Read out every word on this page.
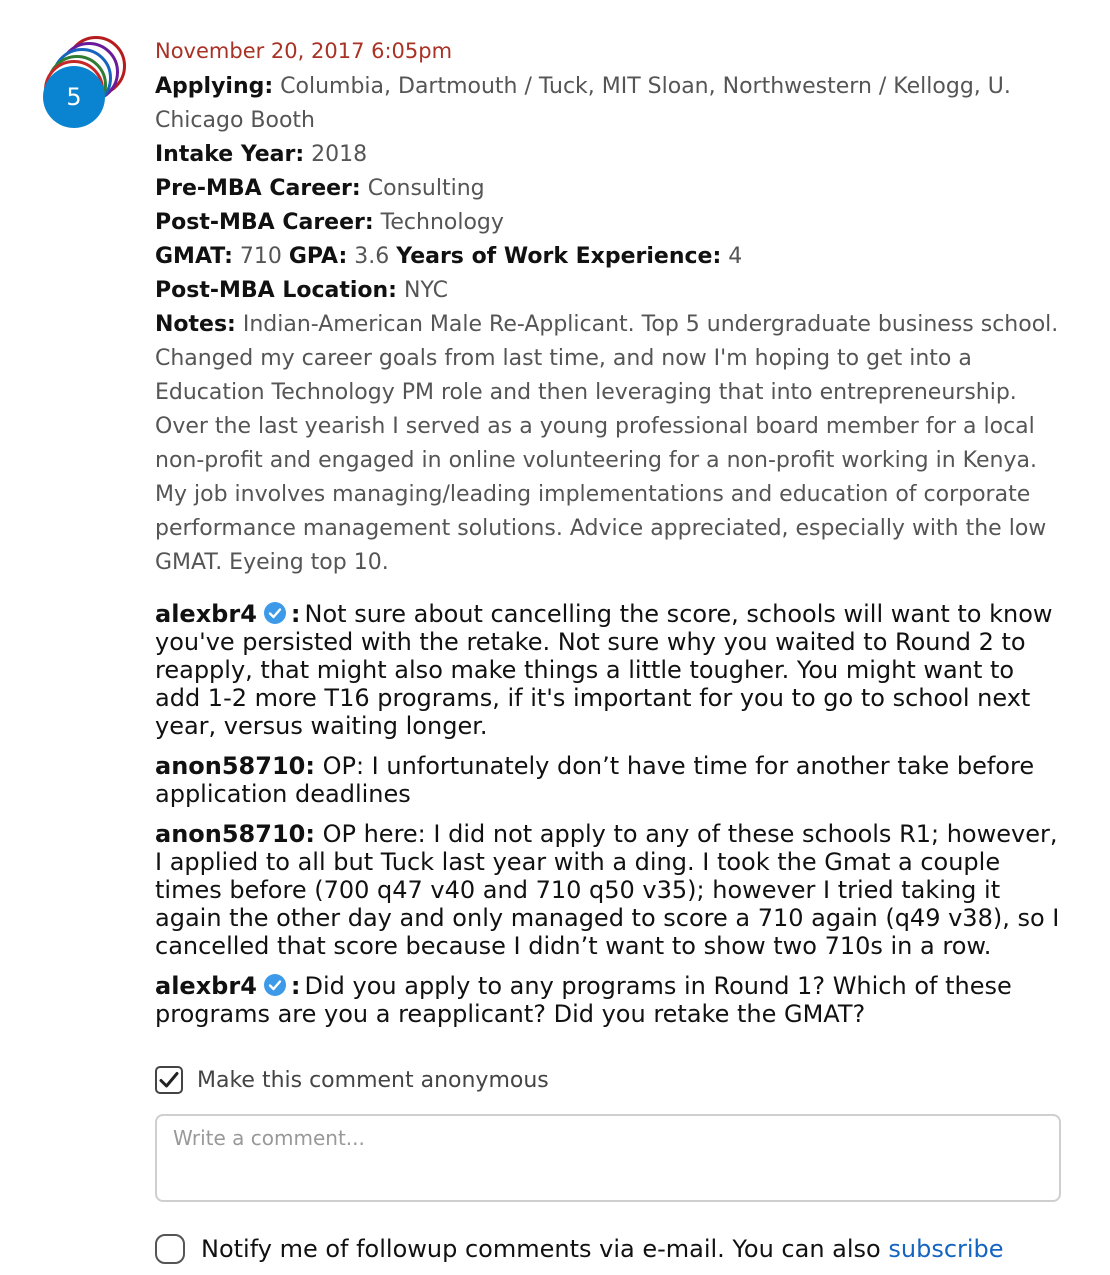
5
November 20, 2017 6:05pm
Applying: Columbia, Dartmouth / Tuck, MIT Sloan, Northwestern / Kellogg, U. Chicago Booth
Intake Year: 2018
Pre-MBA Career: Consulting
Post-MBA Career: Technology
GMAT: 710 GPA: 3.6 Years of Work Experience: 4
Post-MBA Location: NYC
Notes: Indian-American Male Re-Applicant. Top 5 undergraduate business school. Changed my career goals from last time, and now I'm hoping to get into a Education Technology PM role and then leveraging that into entrepreneurship. Over the last yearish I served as a young professional board member for a local non-profit and engaged in online volunteering for a non-profit working in Kenya. My job involves managing/leading implementations and education of corporate performance management solutions. Advice appreciated, especially with the low GMAT. Eyeing top 10.
alexbr4 : Not sure about cancelling the score, schools will want to know you've persisted with the retake. Not sure why you waited to Round 2 to reapply, that might also make things a little tougher. You might want to add 1-2 more T16 programs, if it's important for you to go to school next year, versus waiting longer.
anon58710: OP: I unfortunately don’t have time for another take before application deadlines
anon58710: OP here: I did not apply to any of these schools R1; however, I applied to all but Tuck last year with a ding. I took the Gmat a couple times before (700 q47 v40 and 710 q50 v35); however I tried taking it again the other day and only managed to score a 710 again (q49 v38), so I cancelled that score because I didn’t want to show two 710s in a row.
alexbr4 : Did you apply to any programs in Round 1? Which of these programs are you a reapplicant? Did you retake the GMAT?
Make this comment anonymous
Write a comment...
Notify me of followup comments via e-mail. You can also subscribe
